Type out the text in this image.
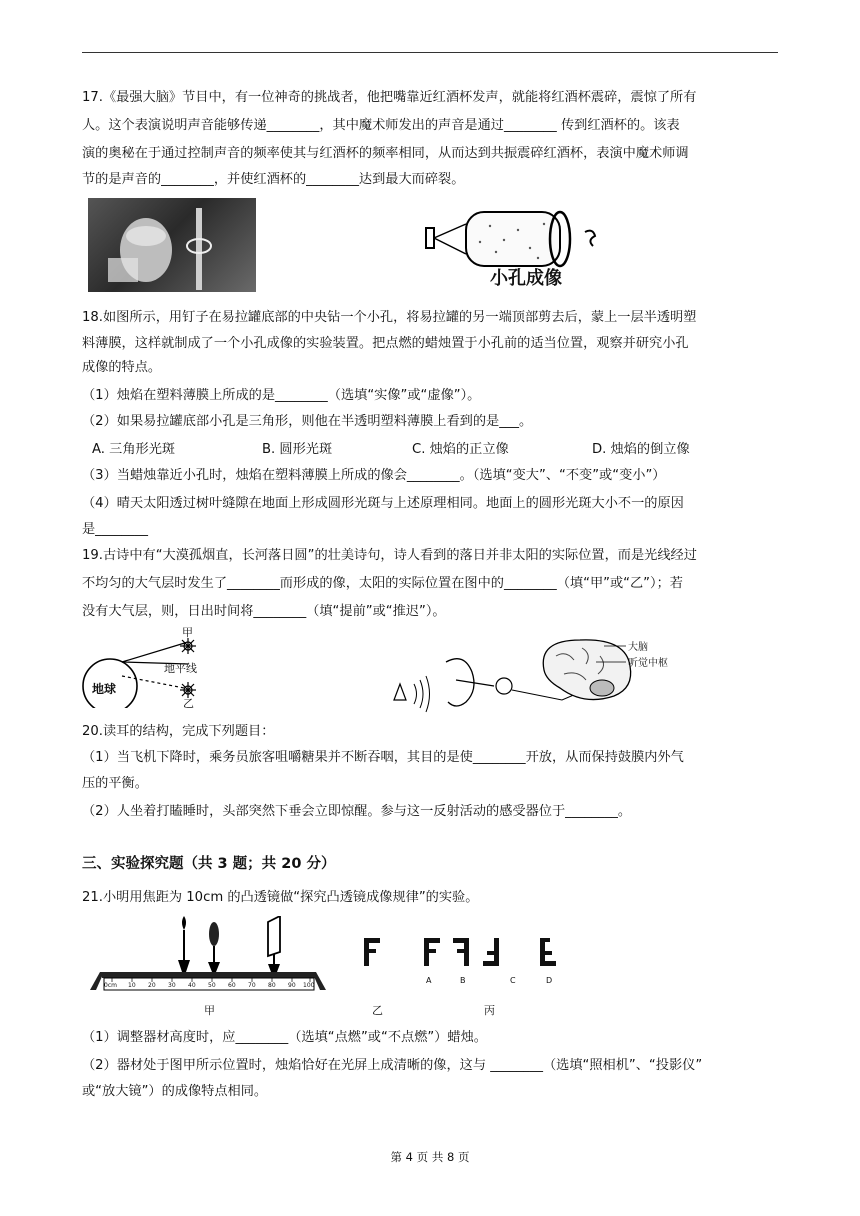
17.《最强大脑》节目中，有一位神奇的挑战者，他把嘴靠近红酒杯发声，就能将红酒杯震碎，震惊了所有
人。这个表演说明声音能够传递________，其中魔术师发出的声音是通过________ 传到红酒杯的。该表
演的奥秘在于通过控制声音的频率使其与红酒杯的频率相同，从而达到共振震碎红酒杯，表演中魔术师调
节的是声音的________，并使红酒杯的________达到最大而碎裂。
小孔成像
18.如图所示，用钉子在易拉罐底部的中央钻一个小孔，将易拉罐的另一端顶部剪去后，蒙上一层半透明塑
料薄膜，这样就制成了一个小孔成像的实验装置。把点燃的蜡烛置于小孔前的适当位置，观察并研究小孔
成像的特点。
（1）烛焰在塑料薄膜上所成的是________（选填“实像”或“虚像”）。
（2）如果易拉罐底部小孔是三角形，则他在半透明塑料薄膜上看到的是___。
A. 三角形光斑	B. 圆形光斑	C. 烛焰的正立像	D. 烛焰的倒立像
（3）当蜡烛靠近小孔时，烛焰在塑料薄膜上所成的像会________。（选填“变大”、“不变”或“变小”）
（4）晴天太阳透过树叶缝隙在地面上形成圆形光斑与上述原理相同。地面上的圆形光斑大小不一的原因
是________
19.古诗中有“大漠孤烟直，长河落日圆”的壮美诗句，诗人看到的落日并非太阳的实际位置，而是光线经过
不均匀的大气层时发生了________而形成的像，太阳的实际位置在图中的________（填“甲”或“乙”）；若
没有大气层，则，日出时间将________（填“提前”或“推迟”）。
甲
地平线
地球
乙
大脑
听觉中枢
20.读耳的结构，完成下列题目：
（1）当飞机下降时，乘务员旅客咀嚼糖果并不断吞咽，其目的是使________开放，从而保持鼓膜内外气
压的平衡。
（2）人坐着打瞌睡时，头部突然下垂会立即惊醒。参与这一反射活动的感受器位于________。
三、实验探究题（共 3 题；共 20 分）
21.小明用焦距为 10cm 的凸透镜做“探究凸透镜成像规律”的实验。
0cm 10 20 30 40 50 60 70 80 90 100
甲
A	B	C	D
乙	丙
（1）调整器材高度时，应________（选填“点燃”或“不点燃”）蜡烛。
（2）器材处于图甲所示位置时，烛焰恰好在光屏上成清晰的像，这与 ________（选填“照相机”、“投影仪”
或“放大镜”）的成像特点相同。
第 4 页 共 8 页
